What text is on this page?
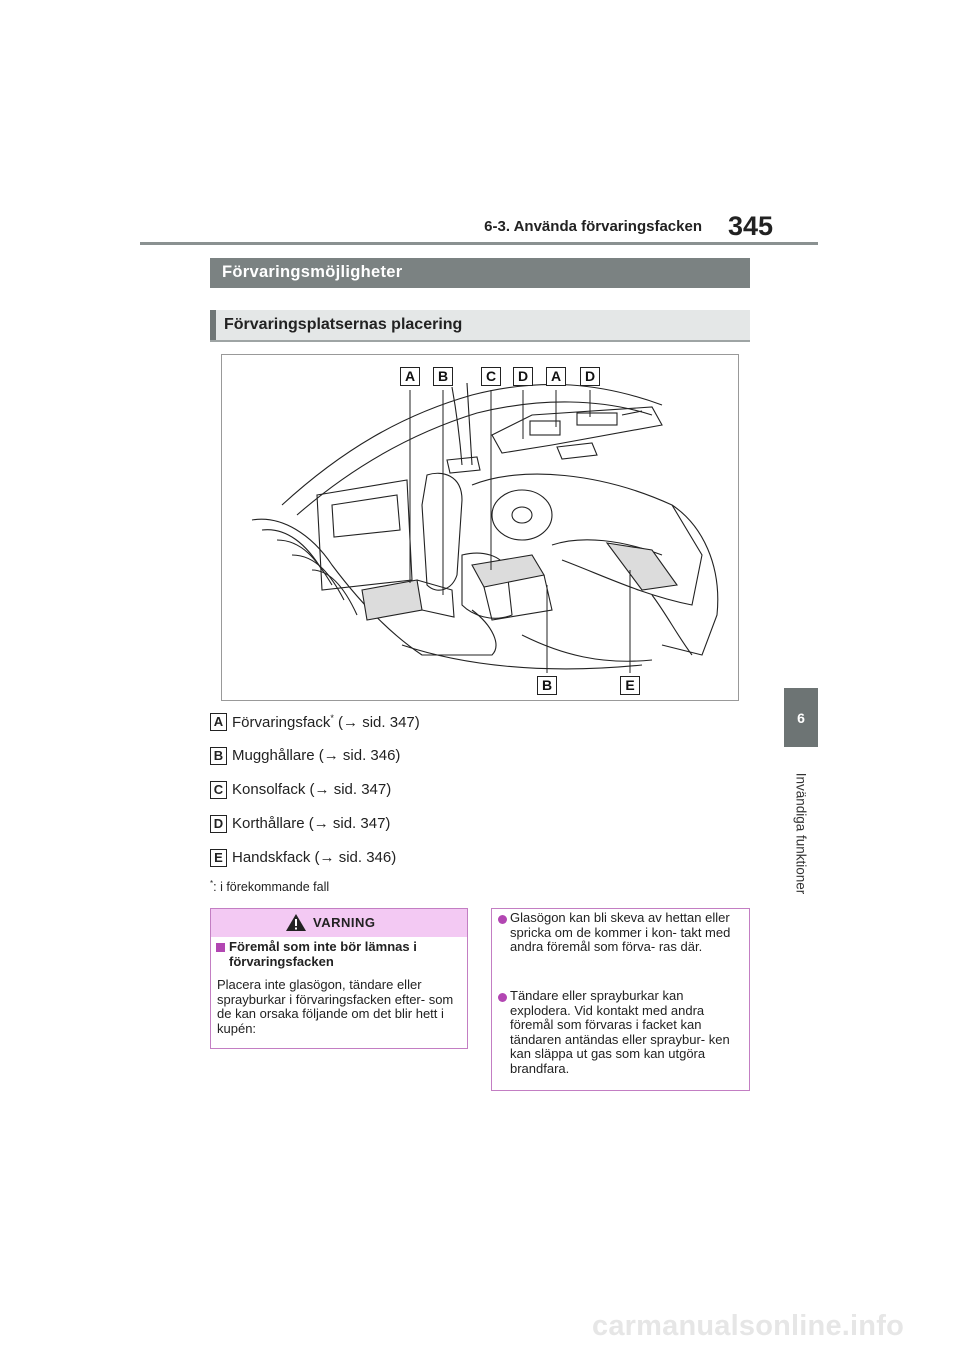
6-3. Använda förvaringsfacken 345
6
Invändiga funktioner
Förvaringsmöjligheter
Förvaringsplatsernas placering
A	B	C	D	A	D
B	E
A Förvaringsfack* (→ sid. 347)
B Mugghållare (→ sid. 346)
C Konsolfack (→ sid. 347)
D Korthållare (→ sid. 347)
E Handskfack (→ sid. 346)
*: i förekommande fall
VARNING
Föremål som inte bör lämnas i förvaringsfacken
Placera inte glasögon, tändare eller sprayburkar i förvaringsfacken efter- som de kan orsaka följande om det blir hett i kupén:
Glasögon kan bli skeva av hettan eller spricka om de kommer i kon- takt med andra föremål som förva- ras där.
Tändare eller sprayburkar kan explodera. Vid kontakt med andra föremål som förvaras i facket kan tändaren antändas eller spraybur- ken kan släppa ut gas som kan utgöra brandfara.
carmanualsonline.info
